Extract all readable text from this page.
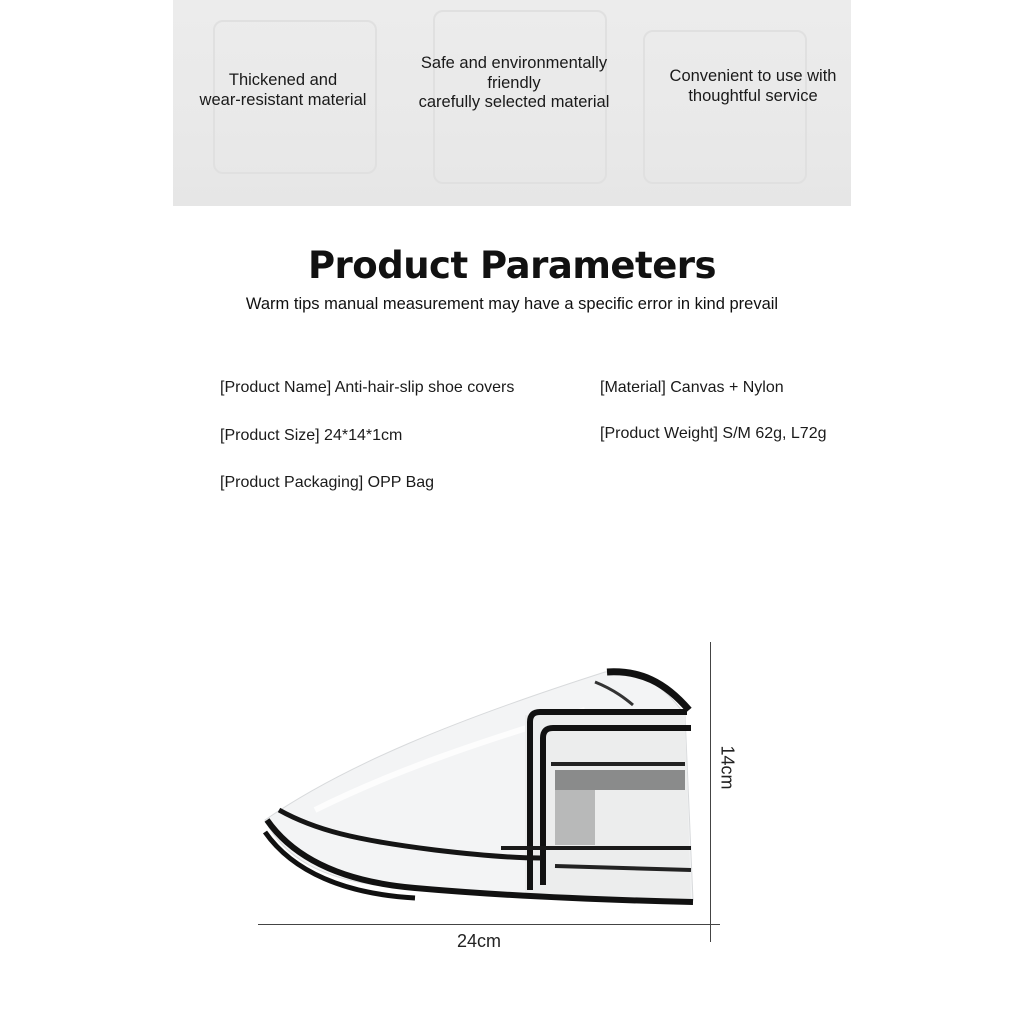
Thickened and
wear-resistant material
Safe and environmentally
friendly
carefully selected material
Convenient to use with
thoughtful service
Product Parameters
Warm tips manual measurement may have a specific error in kind prevail
[Product Name] Anti-hair-slip shoe covers
[Product Size] 24*14*1cm
[Product Packaging] OPP Bag
[Material] Canvas + Nylon
[Product Weight] S/M 62g, L72g
24cm
14cm
